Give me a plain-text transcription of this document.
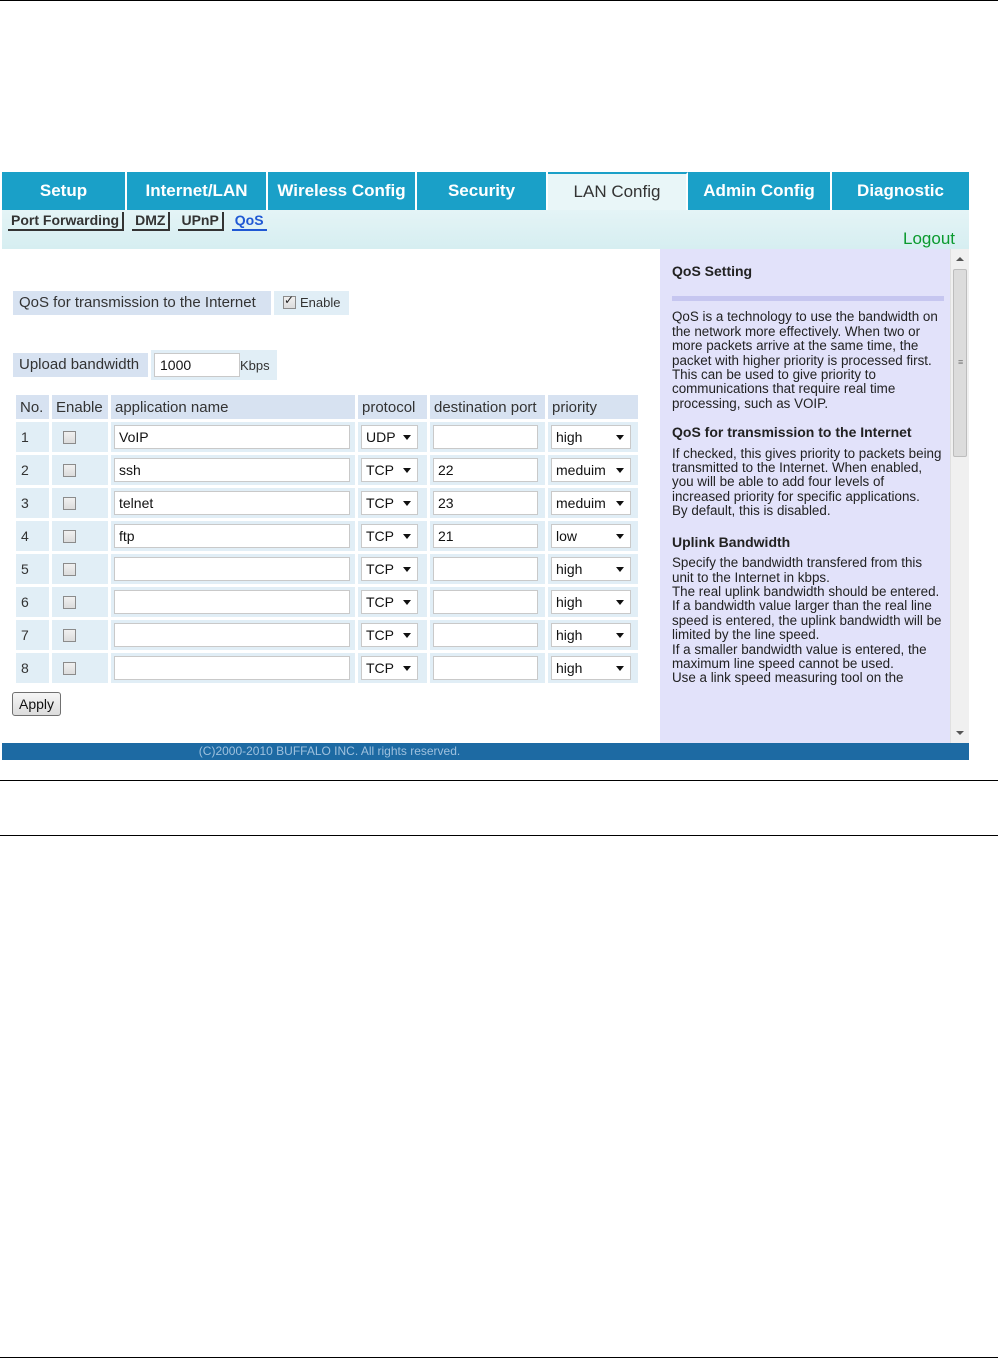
Setup	Internet/LAN	Wireless Config	Security	LAN Config	Admin Config	Diagnostic
Port Forwarding	DMZ	UPnP	QoS
Logout
QoS for transmission to the Internet ✓	Enable
Upload bandwidth	1000	Kbps
No.	Enable	application name	protocol	destination port	priority
1		VoIP	UDP		high

2		ssh	TCP	22	meduim

3		telnet	TCP	23	meduim

4		ftp	TCP	21	low

5			TCP		high

6			TCP		high

7			TCP		high

8			TCP		high
Apply

QoS Setting

QoS is a technology to use the bandwidth on the network more effectively. When two or more packets arrive at the same time, the packet with higher priority is processed first. This can be used to give priority to communications that require real time processing, such as VOIP.

QoS for transmission to the Internet

If checked, this gives priority to packets being transmitted to the Internet. When enabled, you will be able to add four levels of increased priority for specific applications.

By default, this is disabled.

Uplink Bandwidth

Specify the bandwidth transfered from this unit to the Internet in kbps.

The real uplink bandwidth should be entered.

If a bandwidth value larger than the real line speed is entered, the uplink bandwidth will be limited by the line speed.

If a smaller bandwidth value is entered, the maximum line speed cannot be used.

Use a link speed measuring tool on the

≡
(C)2000-2010 BUFFALO INC. All rights reserved.
